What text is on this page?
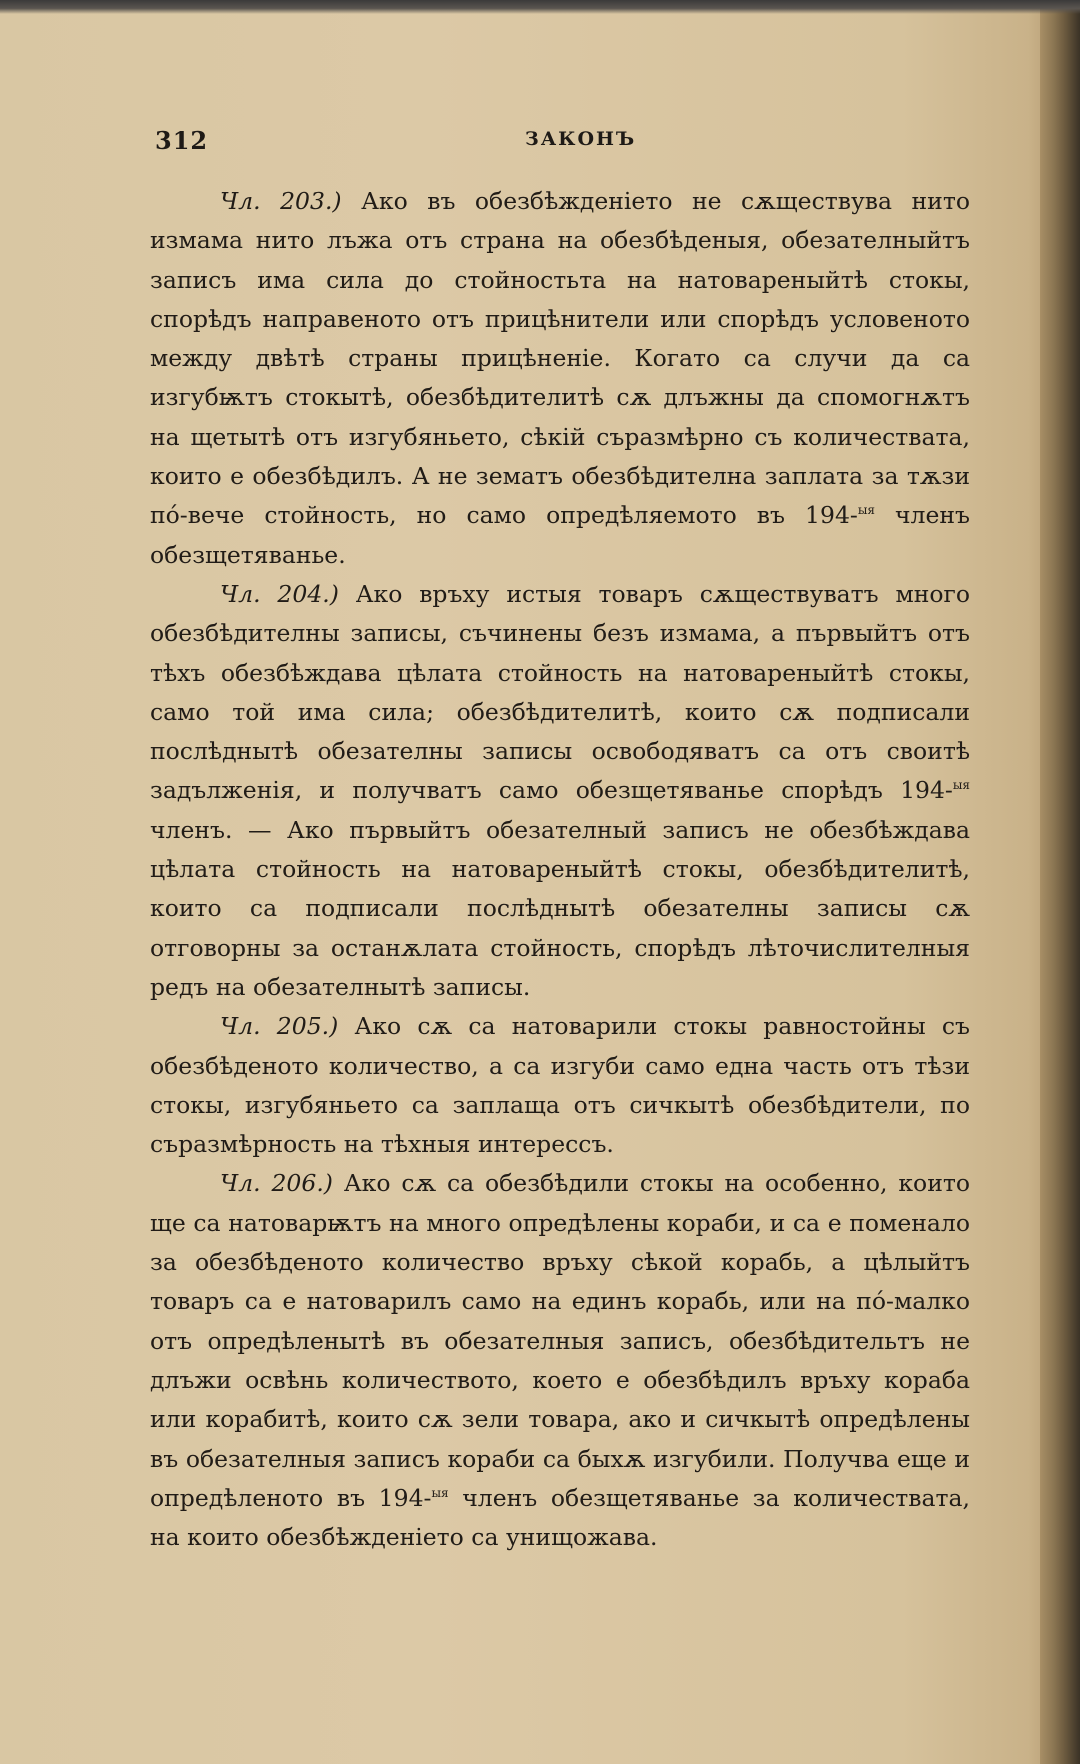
312	ЗАКОНЪ

Чл. 203.) Ако въ обезбѣжденіето не сѫществува нито измама нито лъжа отъ страна на обезбѣденыя, обезателныйтъ записъ има сила до стойностьта на натовареныйтѣ стокы, спорѣдъ направеното отъ прицѣнители или спорѣдъ условеното между двѣтѣ страны прицѣненіе. Когато са случи да са изгубѭтъ стокытѣ, обезбѣдителитѣ сѫ длъжны да спомогнѫтъ на щетытѣ отъ изгубяньето, сѣкій съразмѣрно съ количествата, които е обезбѣдилъ. А не зематъ обезбѣдителна заплата за тѫзи пó-вече стойность, но само опредѣляемото въ 194-$^{ыя}$ членъ обезщетяванье.

Чл. 204.) Ако връху истыя товаръ сѫществуватъ много обезбѣдителны записы, съчинены безъ измама, а първыйтъ отъ тѣхъ обезбѣждава цѣлата стойность на натовареныйтѣ стокы, само той има сила; обезбѣдителитѣ, които сѫ подписали послѣднытѣ обезателны записы освободяватъ са отъ своитѣ задълженія, и получватъ само обезщетяванье спорѣдъ 194-$^{ыя}$ членъ. — Ако първыйтъ обезателный записъ не обезбѣждава цѣлата стойность на натовареныйтѣ стокы, обезбѣдителитѣ, които са подписали послѣднытѣ обезателны записы сѫ отговорны за останѫлата стойность, спорѣдъ лѣточислителныя редъ на обезателнытѣ записы.

Чл. 205.) Ако сѫ са натоварили стокы равностойны съ обезбѣденото количество, а са изгуби само една часть отъ тѣзи стокы, изгубяньето са заплаща отъ сичкытѣ обезбѣдители, по съразмѣрность на тѣхныя интерессъ.

Чл. 206.) Ако сѫ са обезбѣдили стокы на особенно, които ще са натоварѭтъ на много опредѣлены кораби, и са е поменало за обезбѣденото количество връху сѣкой корабь, а цѣлыйтъ товаръ са е натоварилъ само на единъ корабь, или на пó-малко отъ опредѣленытѣ въ обезателныя записъ, обезбѣдительтъ не длъжи освѣнь количеството, което е обезбѣдилъ връху кораба или корабитѣ, които сѫ зели товара, ако и сичкытѣ опредѣлены въ обезателныя записъ кораби са быхѫ изгубили. Получва еще и опредѣленото въ 194-$^{ыя}$ членъ обезщетяванье за количествата, на които обезбѣжденіето са унищожава.
